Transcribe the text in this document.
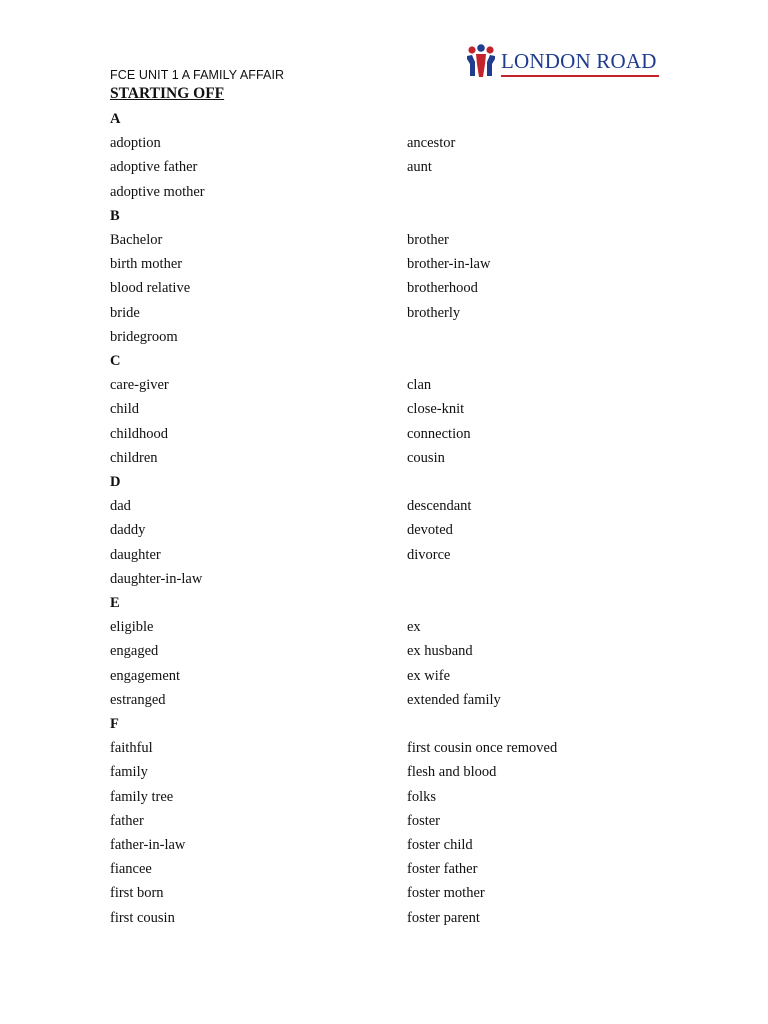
FCE UNIT 1 A FAMILY AFFAIR
LONDON ROAD
STARTING OFF
A
adoption	ancestor
adoptive father	aunt
adoptive mother
B
Bachelor	brother
birth mother	brother-in-law
blood relative	brotherhood
bride	brotherly
bridegroom
C
care-giver	clan
child	close-knit
childhood	connection
children	cousin
D
dad	descendant
daddy	devoted
daughter	divorce
daughter-in-law
E
eligible	ex
engaged	ex husband
engagement	ex wife
estranged	extended family
F
faithful	first cousin once removed
family	flesh and blood
family tree	folks
father	foster
father-in-law	foster child
fiancee	foster father
first born	foster mother
first cousin	foster parent
